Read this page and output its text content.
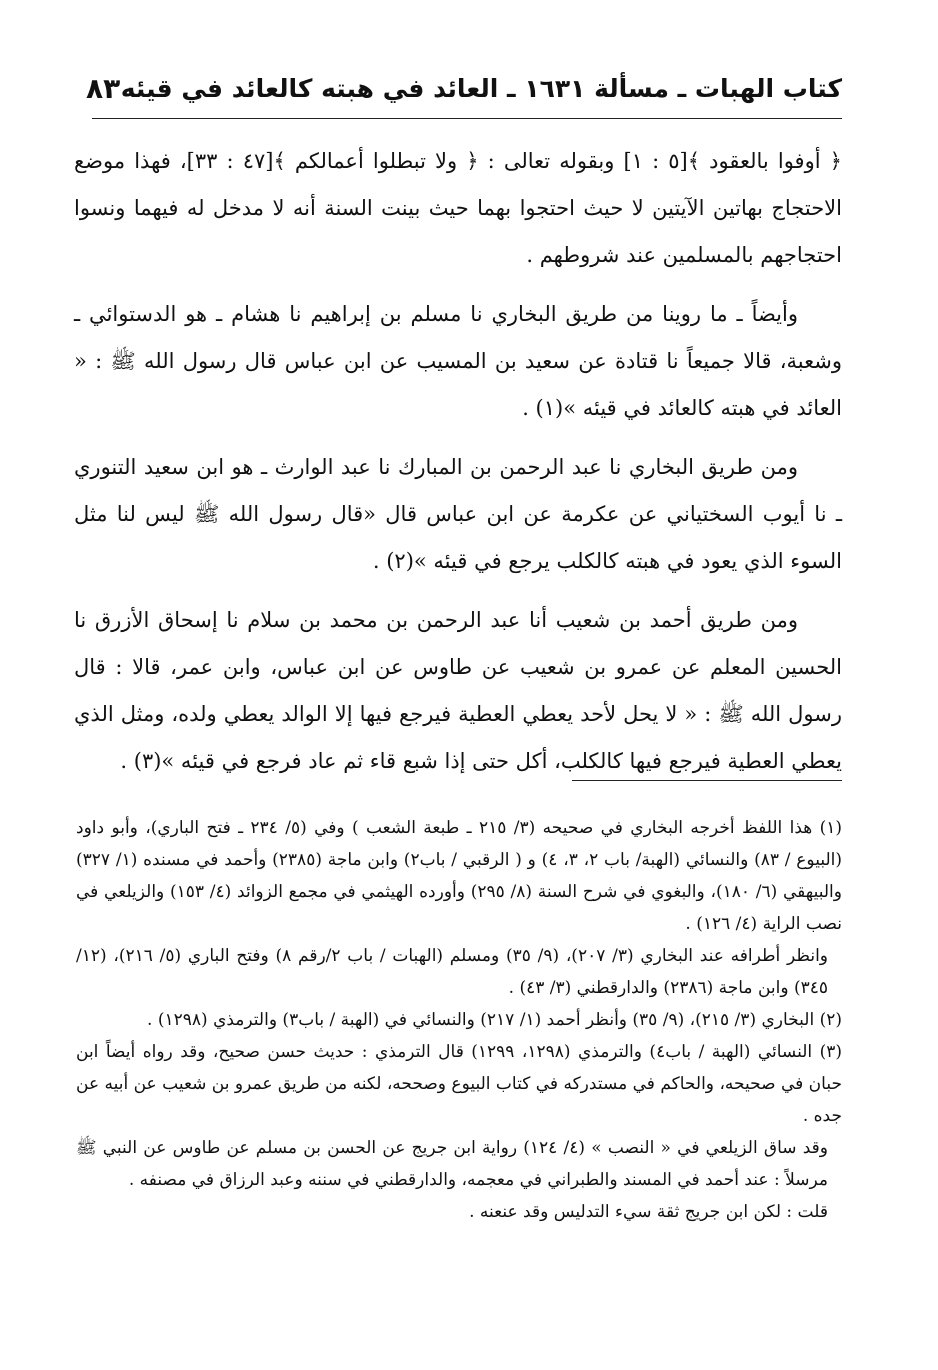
٨٣ كتاب الهبات ـ مسألة ١٦٣١ ـ العائد في هبته كالعائد في قيئه

﴿ أوفوا بالعقود ﴾[٥ : ١] وبقوله تعالى : ﴿ ولا تبطلوا أعمالكم ﴾[٤٧ : ٣٣]، فهذا موضع الاحتجاج بهاتين الآيتين لا حيث احتجوا بهما حيث بينت السنة أنه لا مدخل له فيهما ونسوا احتجاجهم بالمسلمين عند شروطهم .

وأيضاً ـ ما روينا من طريق البخاري نا مسلم بن إبراهيم نا هشام ـ هو الدستوائي ـ وشعبة، قالا جميعاً نا قتادة عن سعيد بن المسيب عن ابن عباس قال رسول الله ﷺ : « العائد في هبته كالعائد في قيئه »(١) .

ومن طريق البخاري نا عبد الرحمن بن المبارك نا عبد الوارث ـ هو ابن سعيد التنوري ـ نا أيوب السختياني عن عكرمة عن ابن عباس قال «قال رسول الله ﷺ ليس لنا مثل السوء الذي يعود في هبته كالكلب يرجع في قيئه »(٢) .

ومن طريق أحمد بن شعيب أنا عبد الرحمن بن محمد بن سلام نا إسحاق الأزرق نا الحسين المعلم عن عمرو بن شعيب عن طاوس عن ابن عباس، وابن عمر، قالا : قال رسول الله ﷺ : « لا يحل لأحد يعطي العطية فيرجع فيها إلا الوالد يعطي ولده، ومثل الذي يعطي العطية فيرجع فيها كالكلب، أكل حتى إذا شبع قاء ثم عاد فرجع في قيئه »(٣) .

(١) هذا اللفظ أخرجه البخاري في صحيحه (٣/ ٢١٥ ـ طبعة الشعب ) وفي (٥/ ٢٣٤ ـ فتح الباري)، وأبو داود (البيوع / ٨٣) والنسائي (الهبة/ باب ٢، ٣، ٤) و ( الرقبي / باب٢) وابن ماجة (٢٣٨٥) وأحمد في مسنده (١/ ٣٢٧) والبيهقي (٦/ ١٨٠)، والبغوي في شرح السنة (٨/ ٢٩٥) وأورده الهيثمي في مجمع الزوائد (٤/ ١٥٣) والزيلعي في نصب الراية (٤/ ١٢٦) .

وانظر أطرافه عند البخاري (٣/ ٢٠٧)، (٩/ ٣٥) ومسلم (الهبات / باب ٢/رقم ٨) وفتح الباري (٥/ ٢١٦)، (١٢/ ٣٤٥) وابن ماجة (٢٣٨٦) والدارقطني (٣/ ٤٣) .

(٢) البخاري (٣/ ٢١٥)، (٩/ ٣٥) وأنظر أحمد (١/ ٢١٧) والنسائي في (الهبة / باب٣) والترمذي (١٢٩٨) .

(٣) النسائي (الهبة / باب٤) والترمذي (١٢٩٨، ١٢٩٩) قال الترمذي : حديث حسن صحيح، وقد رواه أيضاً ابن حبان في صحيحه، والحاكم في مستدركه في كتاب البيوع وصححه، لكنه من طريق عمرو بن شعيب عن أبيه عن جده .

وقد ساق الزيلعي في « النصب » (٤/ ١٢٤) رواية ابن جريج عن الحسن بن مسلم عن طاوس عن النبي ﷺ مرسلاً : عند أحمد في المسند والطبراني في معجمه، والدارقطني في سننه وعبد الرزاق في مصنفه .

قلت : لكن ابن جريج ثقة سيء التدليس وقد عنعنه .
